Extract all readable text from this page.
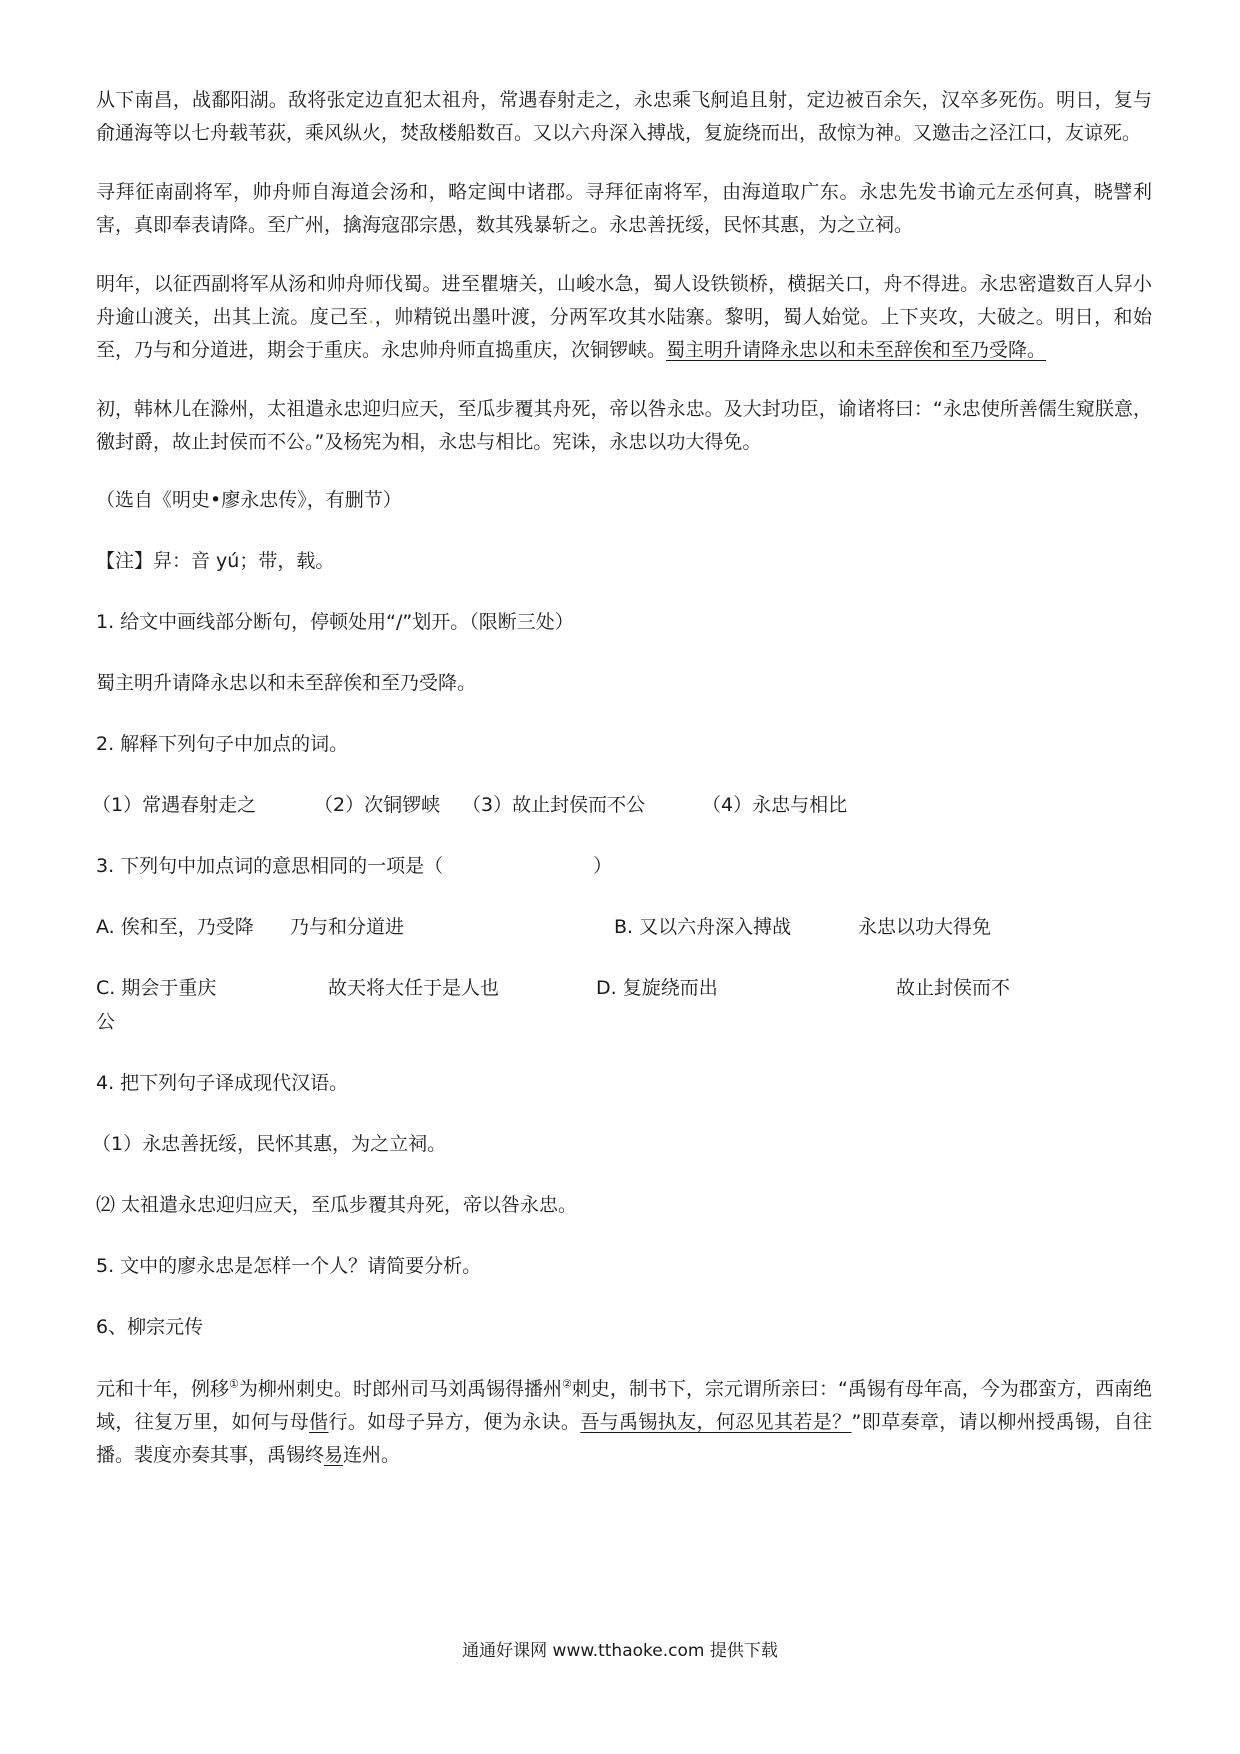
从下南昌，战鄱阳湖。敌将张定边直犯太祖舟，常遇春射走之，永忠乘飞舸追且射，定边被百余矢，汉卒多死伤。明日，复与俞通海等以七舟载苇荻，乘风纵火，焚敌楼船数百。又以六舟深入搏战，复旋绕而出，敌惊为神。又邀击之泾江口，友谅死。

寻拜征南副将军，帅舟师自海道会汤和，略定闽中诸郡。寻拜征南将军，由海道取广东。永忠先发书谕元左丞何真，晓譬利害，真即奉表请降。至广州，擒海寇邵宗愚，数其残暴斩之。永忠善抚绥，民怀其惠，为之立祠。

明年，以征西副将军从汤和帅舟师伐蜀。进至瞿塘关，山峻水急，蜀人设铁锁桥，横据关口，舟不得进。永忠密遣数百人舁小舟逾山渡关，出其上流。度己至.，帅精锐出墨叶渡，分两军攻其水陆寨。黎明，蜀人始觉。上下夹攻，大破之。明日，和始至，乃与和分道进，期会于重庆。永忠帅舟师直捣重庆，次铜锣峡。蜀主明升请降永忠以和未至辞俟和至乃受降。

初，韩林儿在滁州，太祖遣永忠迎归应天，至瓜步覆其舟死，帝以咎永忠。及大封功臣，谕诸将曰：“永忠使所善儒生窥朕意，徼封爵，故止封侯而不公。”及杨宪为相，永忠与相比。宪诛，永忠以功大得免。

（选自《明史•廖永忠传》，有删节）

【注】舁：音 yú；带，载。

1. 给文中画线部分断句，停顿处用“/”划开。（限断三处）

蜀主明升请降永忠以和未至辞俟和至乃受降。

2. 解释下列句子中加点的词。

（1）常遇春射走之	（2）次铜锣峡 （3）故止封侯而不公	（4）永忠与相比

3. 下列句中加点词的意思相同的一项是（	）

A. 俟和至，乃受降 乃与和分道进	B. 又以六舟深入搏战	永忠以功大得免
C. 期会于重庆	故天将大任于是人也	D. 复旋绕而出	故止封侯而不

公

4. 把下列句子译成现代汉语。

（1）永忠善抚绥，民怀其惠，为之立祠。

⑵ 太祖遣永忠迎归应天，至瓜步覆其舟死，帝以咎永忠。

5. 文中的廖永忠是怎样一个人？请简要分析。

6、柳宗元传

元和十年，例移①为柳州刺史。时郎州司马刘禹锡得播州②刺史，制书下，宗元谓所亲曰：“禹锡有母年高，今为郡蛮方，西南绝域，往复万里，如何与母偕行。如母子异方，便为永诀。吾与禹锡执友，何忍见其若是？”即草奏章，请以柳州授禹锡，自往播。裴度亦奏其事，禹锡终易连州。

通通好课网 www.tthaoke.com 提供下载
